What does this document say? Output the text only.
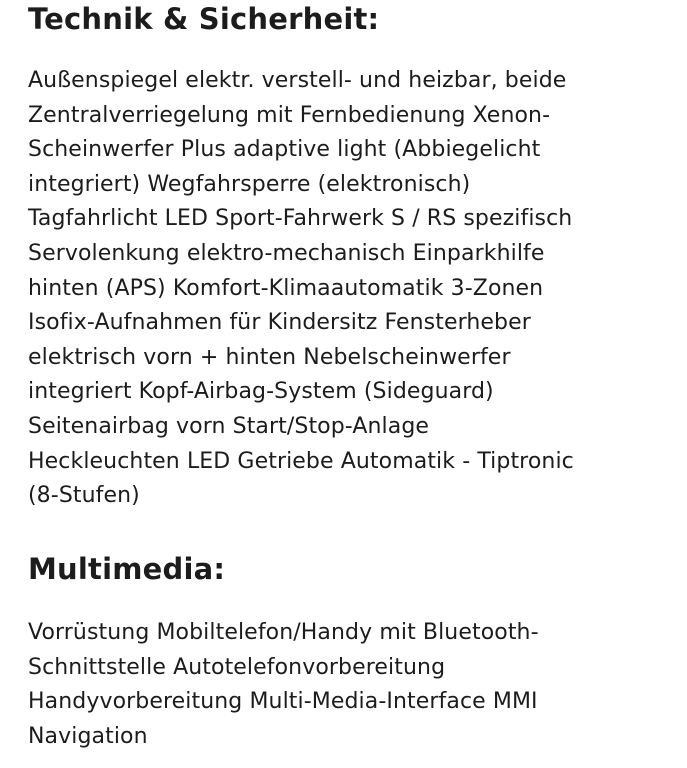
Technik & Sicherheit:

Außenspiegel elektr. verstell- und heizbar, beide
Zentralverriegelung mit Fernbedienung Xenon-
Scheinwerfer Plus adaptive light (Abbiegelicht
integriert) Wegfahrsperre (elektronisch)
Tagfahrlicht LED Sport-Fahrwerk S / RS spezifisch
Servolenkung elektro-mechanisch Einparkhilfe
hinten (APS) Komfort-Klimaautomatik 3-Zonen
Isofix-Aufnahmen für Kindersitz Fensterheber
elektrisch vorn + hinten Nebelscheinwerfer
integriert Kopf-Airbag-System (Sideguard)
Seitenairbag vorn Start/Stop-Anlage
Heckleuchten LED Getriebe Automatik - Tiptronic
(8-Stufen)

Multimedia:

Vorrüstung Mobiltelefon/Handy mit Bluetooth-
Schnittstelle Autotelefonvorbereitung
Handyvorbereitung Multi-Media-Interface MMI
Navigation
